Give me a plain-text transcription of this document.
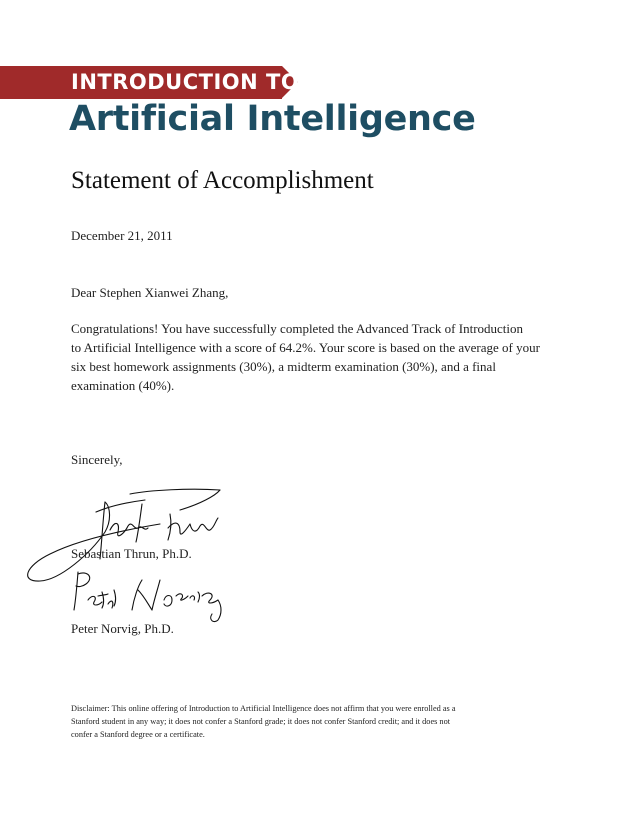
INTRODUCTION TO
Artificial Intelligence
Statement of Accomplishment
December 21, 2011
Dear Stephen Xianwei Zhang,
Congratulations! You have successfully completed the Advanced Track of Introduction
to Artificial Intelligence with a score of 64.2%. Your score is based on the average of your
six best homework assignments (30%), a midterm examination (30%), and a final
examination (40%).
Sincerely,
Sebastian Thrun, Ph.D.
Peter Norvig, Ph.D.
Disclaimer: This online offering of Introduction to Artificial Intelligence does not affirm that you were enrolled as a
Stanford student in any way; it does not confer a Stanford grade; it does not confer Stanford credit; and it does not
confer a Stanford degree or a certificate.
